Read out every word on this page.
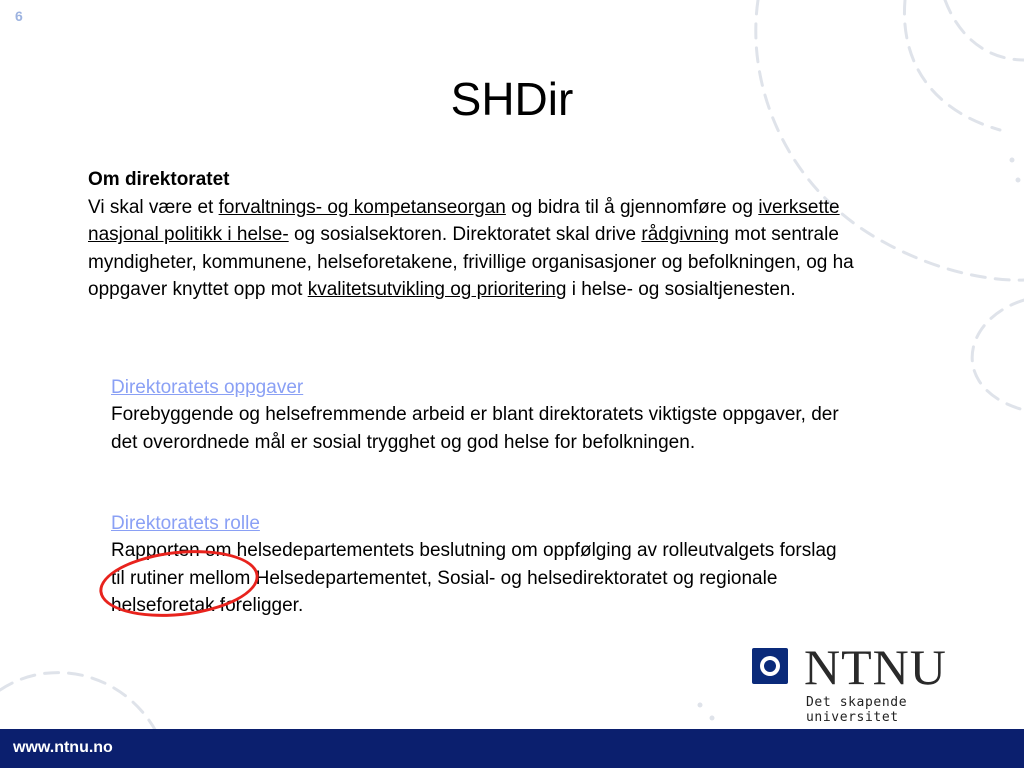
6
SHDir
Om direktoratet
Vi skal være et forvaltnings- og kompetanseorgan og bidra til å gjennomføre og iverksette nasjonal politikk i helse- og sosialsektoren. Direktoratet skal drive rådgivning mot sentrale myndigheter, kommunene, helseforetakene, frivillige organisasjoner og befolkningen, og ha oppgaver knyttet opp mot kvalitetsutvikling og prioritering i helse- og sosialtjenesten.
Direktoratets oppgaver
Forebyggende og helsefremmende arbeid er blant direktoratets viktigste oppgaver, der det overordnede mål er sosial trygghet og god helse for befolkningen.
Direktoratets rolle
Rapporten om helsedepartementets beslutning om oppfølging av rolleutvalgets forslag til rutiner mellom Helsedepartementet, Sosial- og helsedirektoratet og regionale helseforetak foreligger.
NTNU
Det skapende universitet
www.ntnu.no
